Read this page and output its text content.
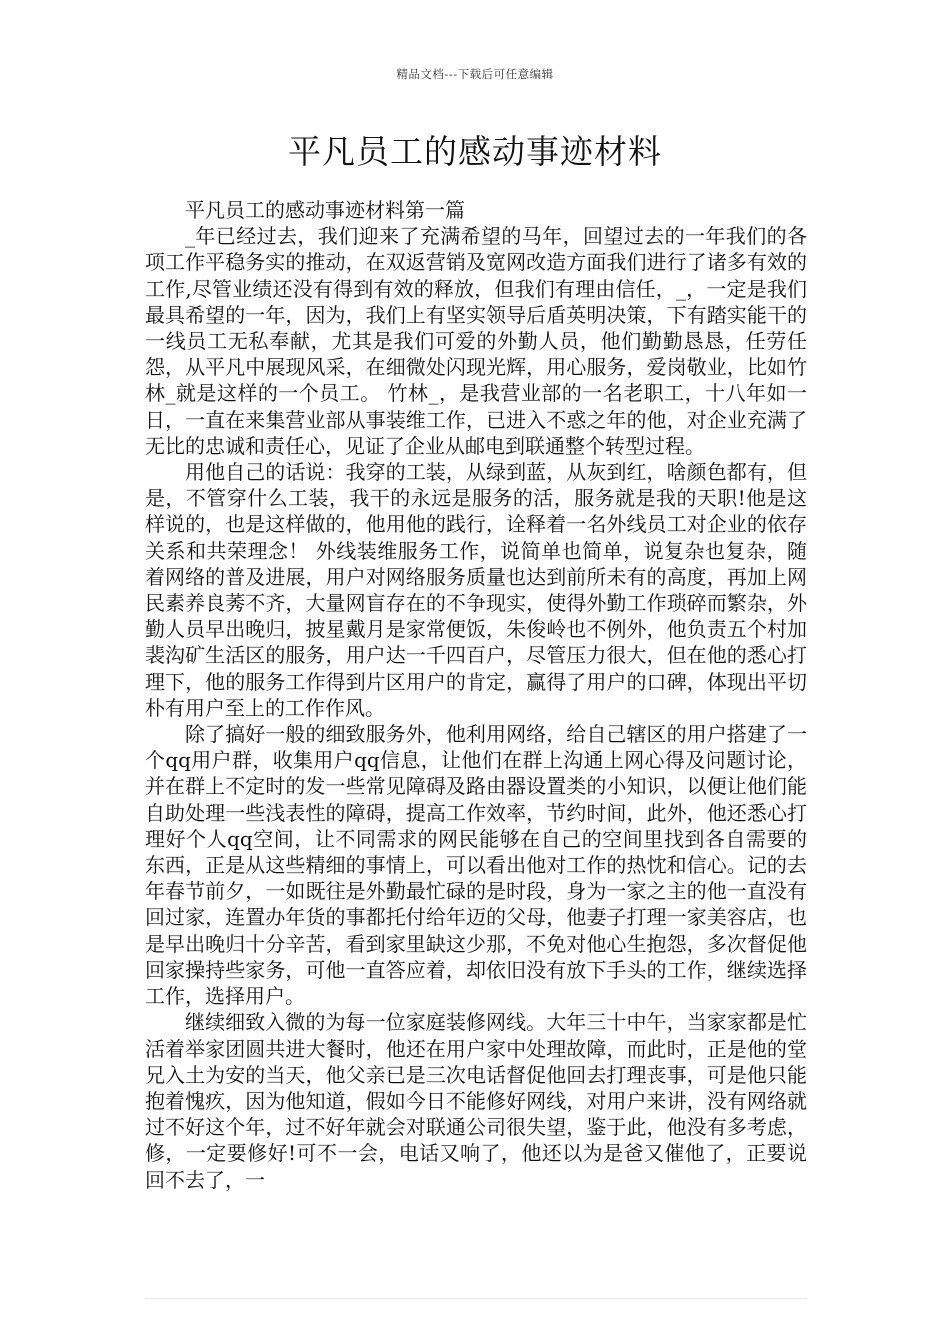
精品文档---下载后可任意编辑
平凡员工的感动事迹材料

平凡员工的感动事迹材料第一篇

_年已经过去，我们迎来了充满希望的马年，回望过去的一年我们的各项工作平稳务实的推动，在双返营销及宽网改造方面我们进行了诸多有效的工作,尽管业绩还没有得到有效的释放，但我们有理由信任，_，一定是我们最具希望的一年，因为，我们上有坚实领导后盾英明决策，下有踏实能干的一线员工无私奉献，尤其是我们可爱的外勤人员，他们勤勤恳恳，任劳任怨，从平凡中展现风采，在细微处闪现光辉，用心服务，爱岗敬业，比如竹林_就是这样的一个员工。 竹林_，是我营业部的一名老职工，十八年如一日，一直在来集营业部从事装维工作，已进入不惑之年的他，对企业充满了无比的忠诚和责任心，见证了企业从邮电到联通整个转型过程。

用他自己的话说：我穿的工装，从绿到蓝，从灰到红，啥颜色都有，但是，不管穿什么工装，我干的永远是服务的活，服务就是我的天职!他是这样说的，也是这样做的，他用他的践行，诠释着一名外线员工对企业的依存关系和共荣理念！ 外线装维服务工作，说简单也简单，说复杂也复杂，随着网络的普及进展，用户对网络服务质量也达到前所未有的高度，再加上网民素养良莠不齐，大量网盲存在的不争现实，使得外勤工作琐碎而繁杂，外勤人员早出晚归，披星戴月是家常便饭，朱俊岭也不例外，他负责五个村加裴沟矿生活区的服务，用户达一千四百户，尽管压力很大，但在他的悉心打理下，他的服务工作得到片区用户的肯定，赢得了用户的口碑，体现出平切朴有用户至上的工作作风。

除了搞好一般的细致服务外，他利用网络，给自己辖区的用户搭建了一个qq用户群，收集用户qq信息，让他们在群上沟通上网心得及问题讨论，并在群上不定时的发一些常见障碍及路由器设置类的小知识，以便让他们能自助处理一些浅表性的障碍，提高工作效率，节约时间，此外，他还悉心打理好个人qq空间，让不同需求的网民能够在自己的空间里找到各自需要的东西，正是从这些精细的事情上，可以看出他对工作的热忱和信心。记的去年春节前夕，一如既往是外勤最忙碌的是时段，身为一家之主的他一直没有回过家，连置办年货的事都托付给年迈的父母，他妻子打理一家美容店，也是早出晚归十分辛苦，看到家里缺这少那，不免对他心生抱怨，多次督促他回家操持些家务，可他一直答应着，却依旧没有放下手头的工作，继续选择工作，选择用户。

继续细致入微的为每一位家庭装修网线。大年三十中午，当家家都是忙活着举家团圆共进大餐时，他还在用户家中处理故障，而此时，正是他的堂兄入土为安的当天，他父亲已是三次电话督促他回去打理丧事，可是他只能抱着愧疚，因为他知道，假如今日不能修好网线，对用户来讲，没有网络就过不好这个年，过不好年就会对联通公司很失望，鉴于此，他没有多考虑，修，一定要修好!可不一会，电话又响了，他还以为是爸又催他了，正要说回不去了，一
